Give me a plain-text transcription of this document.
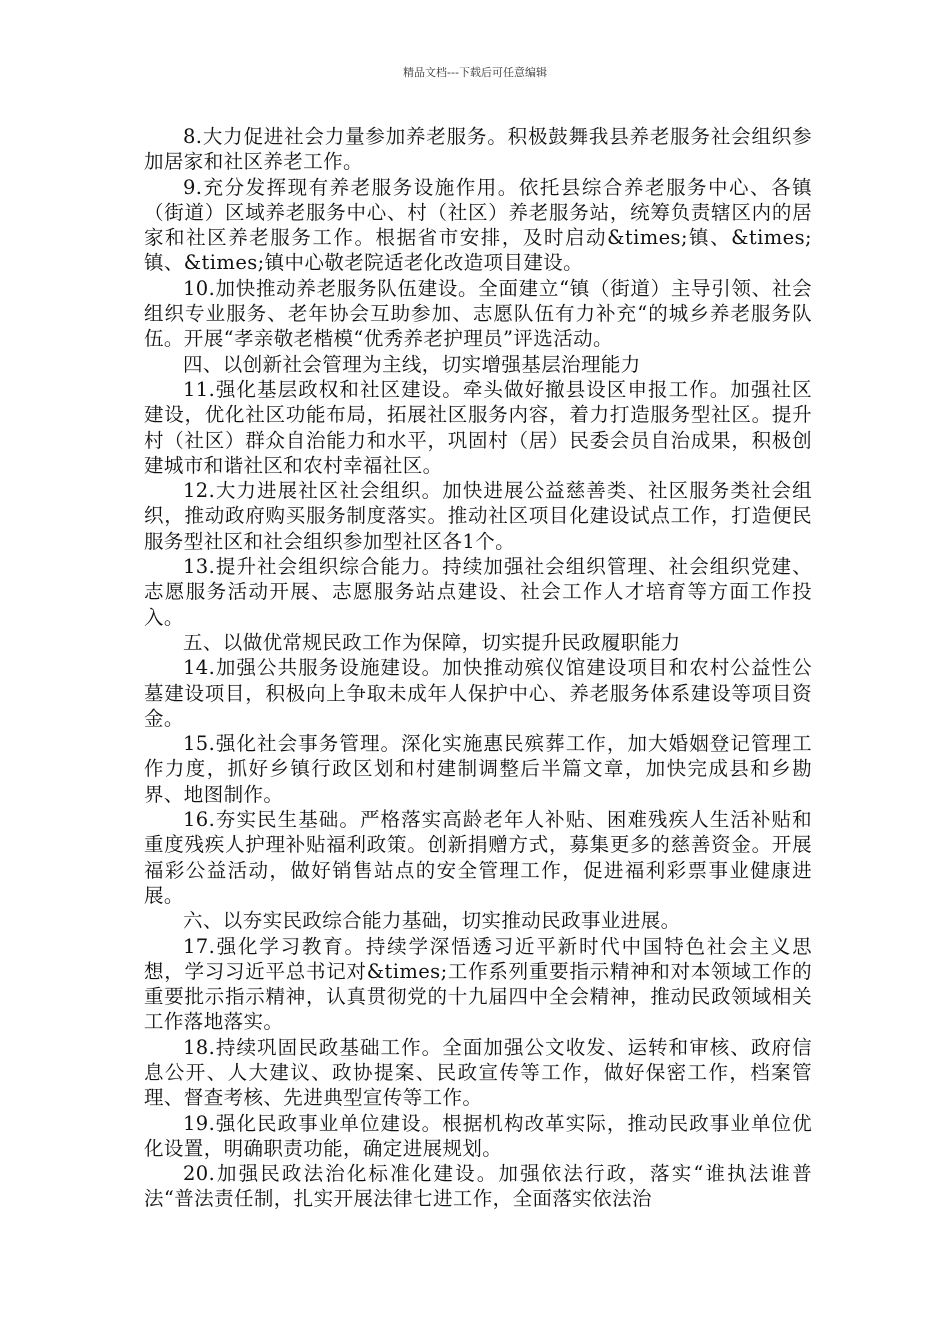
精品文档---下载后可任意编辑

8.大力促进社会力量参加养老服务。积极鼓舞我县养老服务社会组织参加居家和社区养老工作。

9.充分发挥现有养老服务设施作用。依托县综合养老服务中心、各镇（街道）区域养老服务中心、村（社区）养老服务站，统筹负责辖区内的居家和社区养老服务工作。根据省市安排，及时启动&times;镇、&times;镇、&times;镇中心敬老院适老化改造项目建设。

10.加快推动养老服务队伍建设。全面建立“镇（街道）主导引领、社会组织专业服务、老年协会互助参加、志愿队伍有力补充“的城乡养老服务队伍。开展“孝亲敬老楷模“优秀养老护理员”评选活动。

四、以创新社会管理为主线，切实增强基层治理能力

11.强化基层政权和社区建设。牵头做好撤县设区申报工作。加强社区建设，优化社区功能布局，拓展社区服务内容，着力打造服务型社区。提升村（社区）群众自治能力和水平，巩固村（居）民委会员自治成果，积极创建城市和谐社区和农村幸福社区。

12.大力进展社区社会组织。加快进展公益慈善类、社区服务类社会组织，推动政府购买服务制度落实。推动社区项目化建设试点工作，打造便民服务型社区和社会组织参加型社区各1个。

13.提升社会组织综合能力。持续加强社会组织管理、社会组织党建、志愿服务活动开展、志愿服务站点建设、社会工作人才培育等方面工作投入。

五、以做优常规民政工作为保障，切实提升民政履职能力

14.加强公共服务设施建设。加快推动殡仪馆建设项目和农村公益性公墓建设项目，积极向上争取未成年人保护中心、养老服务体系建设等项目资金。

15.强化社会事务管理。深化实施惠民殡葬工作，加大婚姻登记管理工作力度，抓好乡镇行政区划和村建制调整后半篇文章，加快完成县和乡勘界、地图制作。

16.夯实民生基础。严格落实高龄老年人补贴、困难残疾人生活补贴和重度残疾人护理补贴福利政策。创新捐赠方式，募集更多的慈善资金。开展福彩公益活动，做好销售站点的安全管理工作，促进福利彩票事业健康进展。

六、以夯实民政综合能力基础，切实推动民政事业进展。

17.强化学习教育。持续学深悟透习近平新时代中国特色社会主义思想，学习习近平总书记对&times;工作系列重要指示精神和对本领域工作的重要批示指示精神，认真贯彻党的十九届四中全会精神，推动民政领域相关工作落地落实。

18.持续巩固民政基础工作。全面加强公文收发、运转和审核、政府信息公开、人大建议、政协提案、民政宣传等工作，做好保密工作，档案管理、督查考核、先进典型宣传等工作。

19.强化民政事业单位建设。根据机构改革实际，推动民政事业单位优化设置，明确职责功能，确定进展规划。

20.加强民政法治化标准化建设。加强依法行政，落实“谁执法谁普法“普法责任制，扎实开展法律七进工作，全面落实依法治
